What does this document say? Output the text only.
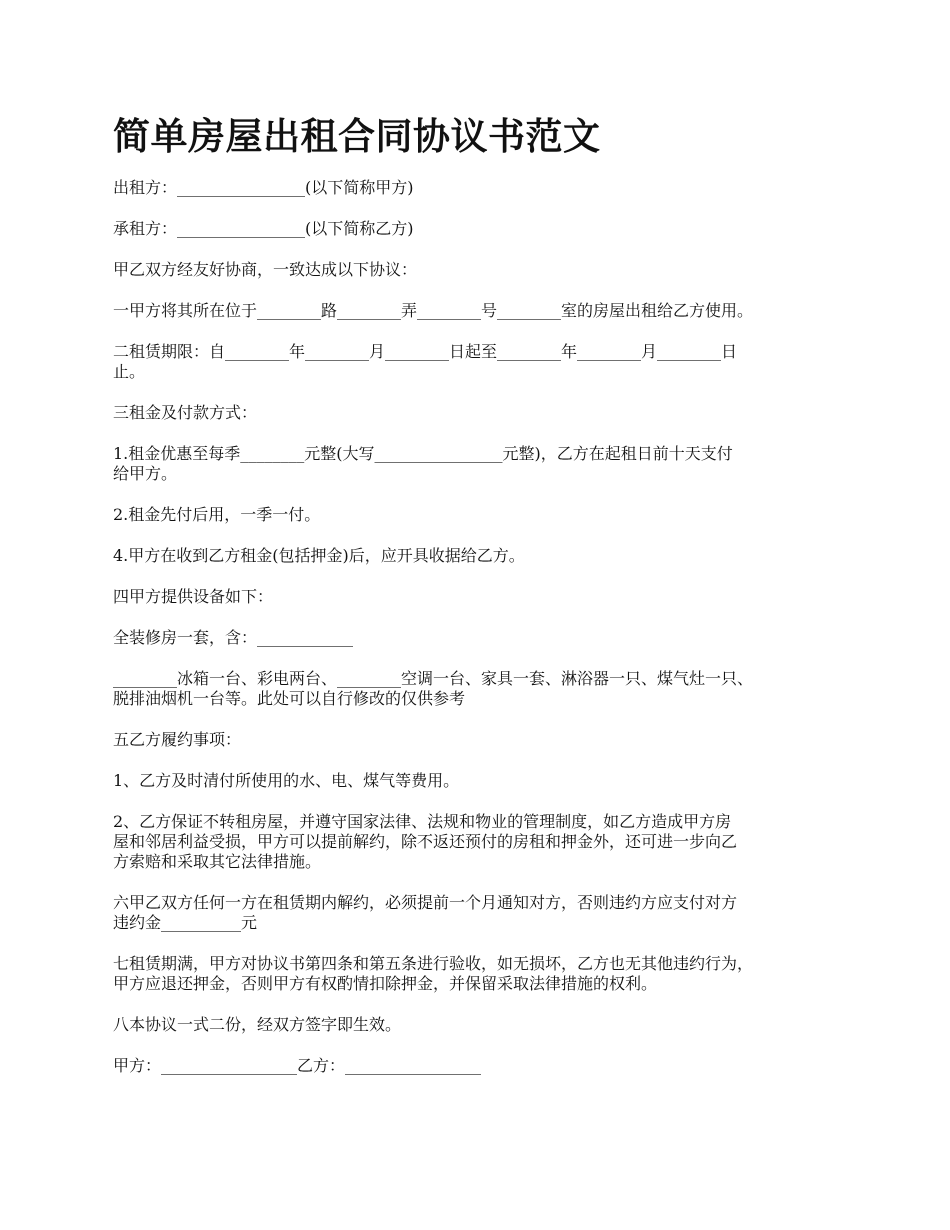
简单房屋出租合同协议书范文

出租方：________________(以下简称甲方)

承租方：________________(以下简称乙方)

甲乙双方经友好协商，一致达成以下协议：

一甲方将其所在位于________路________弄________号________室的房屋出租给乙方使用。

二租赁期限：自________年________月________日起至________年________月________日
止。

三租金及付款方式：

1.租金优惠至每季________元整(大写________________元整)，乙方在起租日前十天支付
给甲方。

2.租金先付后用，一季一付。

4.甲方在收到乙方租金(包括押金)后，应开具收据给乙方。

四甲方提供设备如下：

全装修房一套，含：____________

________冰箱一台、彩电两台、________空调一台、家具一套、淋浴器一只、煤气灶一只、
脱排油烟机一台等。此处可以自行修改的仅供参考

五乙方履约事项：

1、乙方及时清付所使用的水、电、煤气等费用。

2、乙方保证不转租房屋，并遵守国家法律、法规和物业的管理制度，如乙方造成甲方房
屋和邻居利益受损，甲方可以提前解约，除不返还预付的房租和押金外，还可进一步向乙
方索赔和采取其它法律措施。

六甲乙双方任何一方在租赁期内解约，必须提前一个月通知对方，否则违约方应支付对方
违约金__________元

七租赁期满，甲方对协议书第四条和第五条进行验收，如无损坏，乙方也无其他违约行为，
甲方应退还押金，否则甲方有权酌情扣除押金，并保留采取法律措施的权利。

八本协议一式二份，经双方签字即生效。

甲方：_________________乙方：_________________
